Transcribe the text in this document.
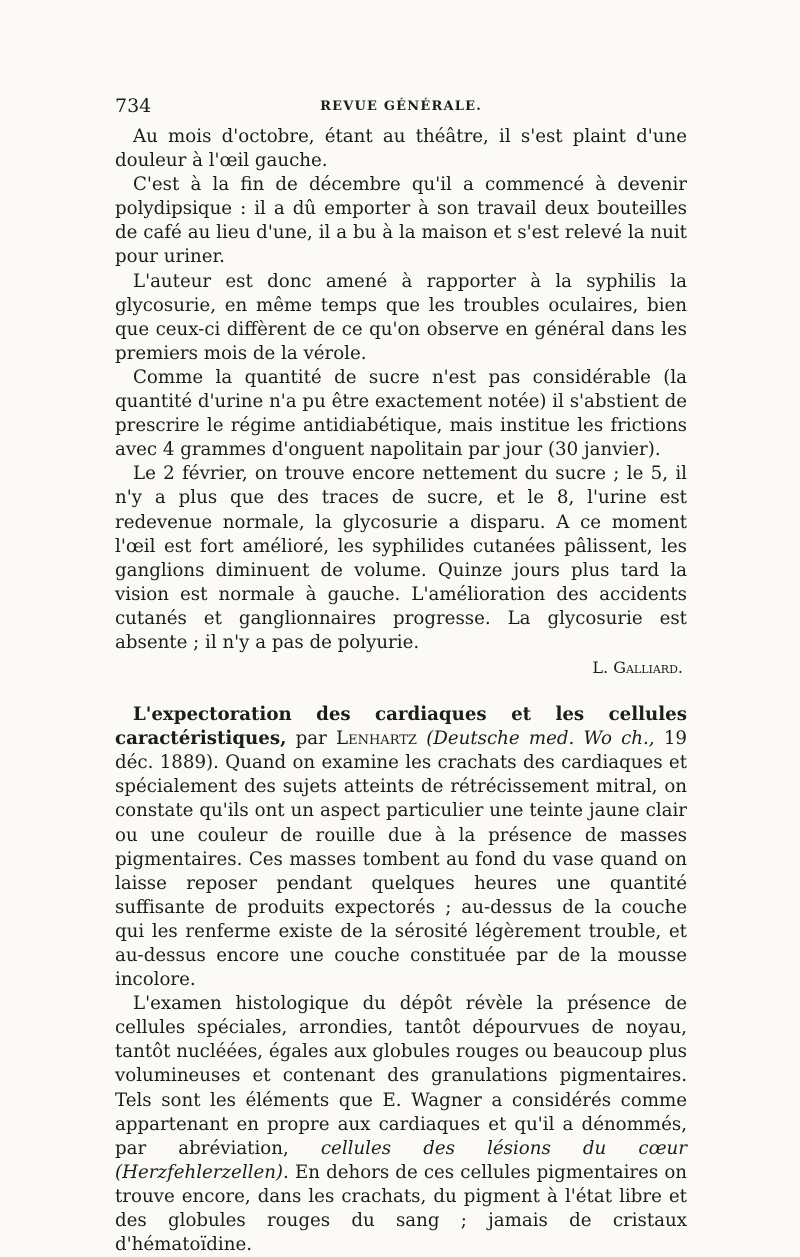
734	REVUE GÉNÉRALE.

Au mois d'octobre, étant au théâtre, il s'est plaint d'une douleur à l'œil gauche.

C'est à la fin de décembre qu'il a commencé à devenir polydipsique : il a dû emporter à son travail deux bouteilles de café au lieu d'une, il a bu à la maison et s'est relevé la nuit pour uriner.

L'auteur est donc amené à rapporter à la syphilis la glycosurie, en même temps que les troubles oculaires, bien que ceux-ci diffèrent de ce qu'on observe en général dans les premiers mois de la vérole.

Comme la quantité de sucre n'est pas considérable (la quantité d'urine n'a pu être exactement notée) il s'abstient de prescrire le régime antidiabétique, mais institue les frictions avec 4 grammes d'onguent napolitain par jour (30 janvier).

Le 2 février, on trouve encore nettement du sucre ; le 5, il n'y a plus que des traces de sucre, et le 8, l'urine est redevenue normale, la glycosurie a disparu. A ce moment l'œil est fort amélioré, les syphilides cutanées pâlissent, les ganglions diminuent de volume. Quinze jours plus tard la vision est normale à gauche. L'amélioration des accidents cutanés et ganglionnaires progresse. La glycosurie est absente ; il n'y a pas de polyurie.

L. Galliard.

L'expectoration des cardiaques et les cellules caractéristiques, par Lenhartz (Deutsche med. Wo ch., 19 déc. 1889). Quand on examine les crachats des cardiaques et spécialement des sujets atteints de rétrécissement mitral, on constate qu'ils ont un aspect particulier une teinte jaune clair ou une couleur de rouille due à la présence de masses pigmentaires. Ces masses tombent au fond du vase quand on laisse reposer pendant quelques heures une quantité suffisante de produits expectorés ; au-dessus de la couche qui les renferme existe de la sérosité légèrement trouble, et au-dessus encore une couche constituée par de la mousse incolore.

L'examen histologique du dépôt révèle la présence de cellules spéciales, arrondies, tantôt dépourvues de noyau, tantôt nucléées, égales aux globules rouges ou beaucoup plus volumineuses et contenant des granulations pigmentaires. Tels sont les éléments que E. Wagner a considérés comme appartenant en propre aux cardiaques et qu'il a dénommés, par abréviation, cellules des lésions du cœur (Herzfehlerzellen). En dehors de ces cellules pigmentaires on trouve encore, dans les crachats, du pigment à l'état libre et des globules rouges du sang ; jamais de cristaux d'hématoïdine.
